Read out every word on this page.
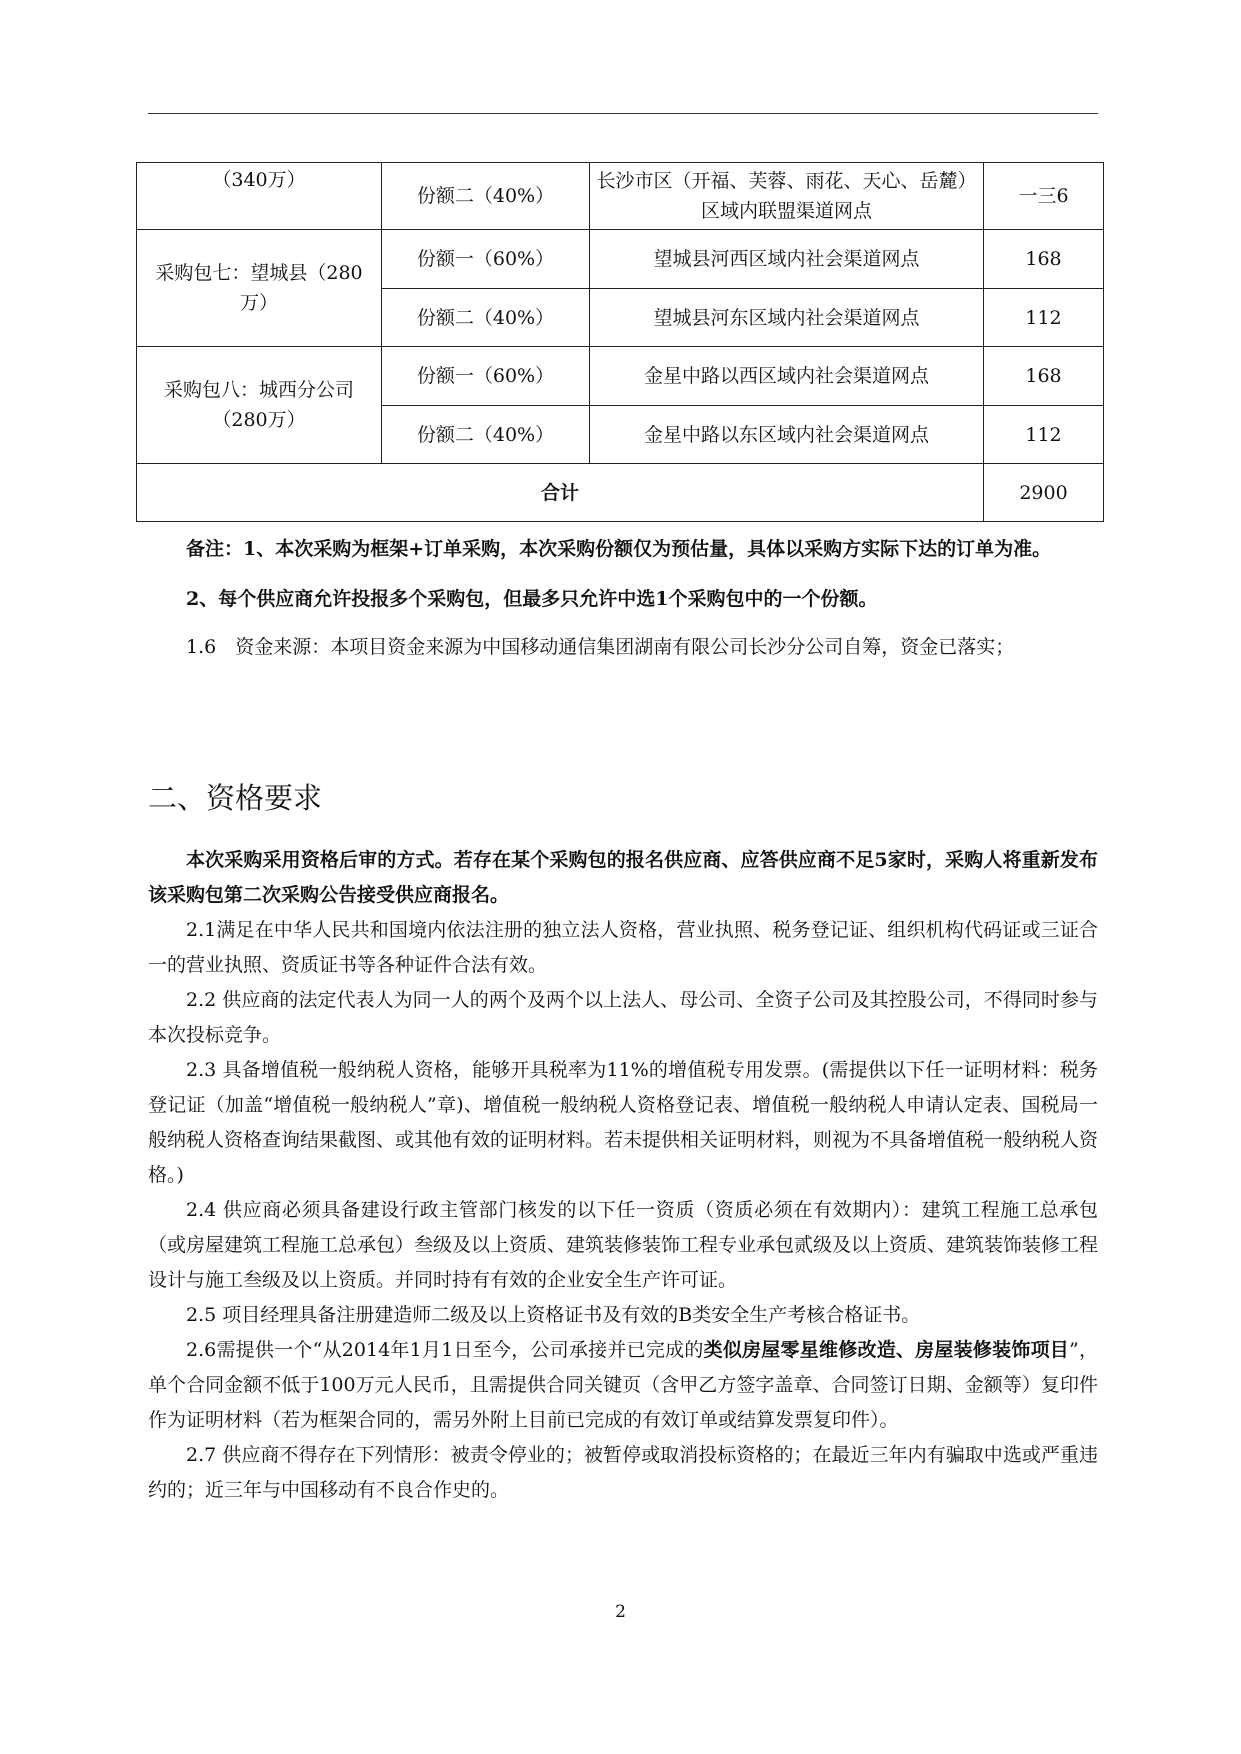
（340万）	份额二（40%）	长沙市区（开福、芙蓉、雨花、天心、岳麓）区域内联盟渠道网点	一三6
采购包七：望城县（280万）	份额一（60%）	望城县河西区域内社会渠道网点	168
	份额二（40%）	望城县河东区域内社会渠道网点	112
采购包八：城西分公司（280万）	份额一（60%）	金星中路以西区域内社会渠道网点	168
	份额二（40%）	金星中路以东区域内社会渠道网点	112
合计			2900

备注：1、本次采购为框架+订单采购，本次采购份额仅为预估量，具体以采购方实际下达的订单为准。

2、每个供应商允许投报多个采购包，但最多只允许中选1个采购包中的一个份额。

1.6　资金来源：本项目资金来源为中国移动通信集团湖南有限公司长沙分公司自筹，资金已落实；

二、资格要求

本次采购采用资格后审的方式。若存在某个采购包的报名供应商、应答供应商不足5家时，采购人将重新发布该采购包第二次采购公告接受供应商报名。

2.1满足在中华人民共和国境内依法注册的独立法人资格，营业执照、税务登记证、组织机构代码证或三证合一的营业执照、资质证书等各种证件合法有效。

2.2 供应商的法定代表人为同一人的两个及两个以上法人、母公司、全资子公司及其控股公司，不得同时参与本次投标竞争。

2.3 具备增值税一般纳税人资格，能够开具税率为11%的增值税专用发票。(需提供以下任一证明材料：税务登记证（加盖“增值税一般纳税人”章)、增值税一般纳税人资格登记表、增值税一般纳税人申请认定表、国税局一般纳税人资格查询结果截图、或其他有效的证明材料。若未提供相关证明材料，则视为不具备增值税一般纳税人资格。)

2.4 供应商必须具备建设行政主管部门核发的以下任一资质（资质必须在有效期内）：建筑工程施工总承包（或房屋建筑工程施工总承包）叁级及以上资质、建筑装修装饰工程专业承包贰级及以上资质、建筑装饰装修工程设计与施工叁级及以上资质。并同时持有有效的企业安全生产许可证。

2.5 项目经理具备注册建造师二级及以上资格证书及有效的B类安全生产考核合格证书。

2.6需提供一个“从2014年1月1日至今，公司承接并已完成的类似房屋零星维修改造、房屋装修装饰项目”，单个合同金额不低于100万元人民币，且需提供合同关键页（含甲乙方签字盖章、合同签订日期、金额等）复印件作为证明材料（若为框架合同的，需另外附上目前已完成的有效订单或结算发票复印件）。

2.7 供应商不得存在下列情形：被责令停业的；被暂停或取消投标资格的；在最近三年内有骗取中选或严重违约的；近三年与中国移动有不良合作史的。

2
